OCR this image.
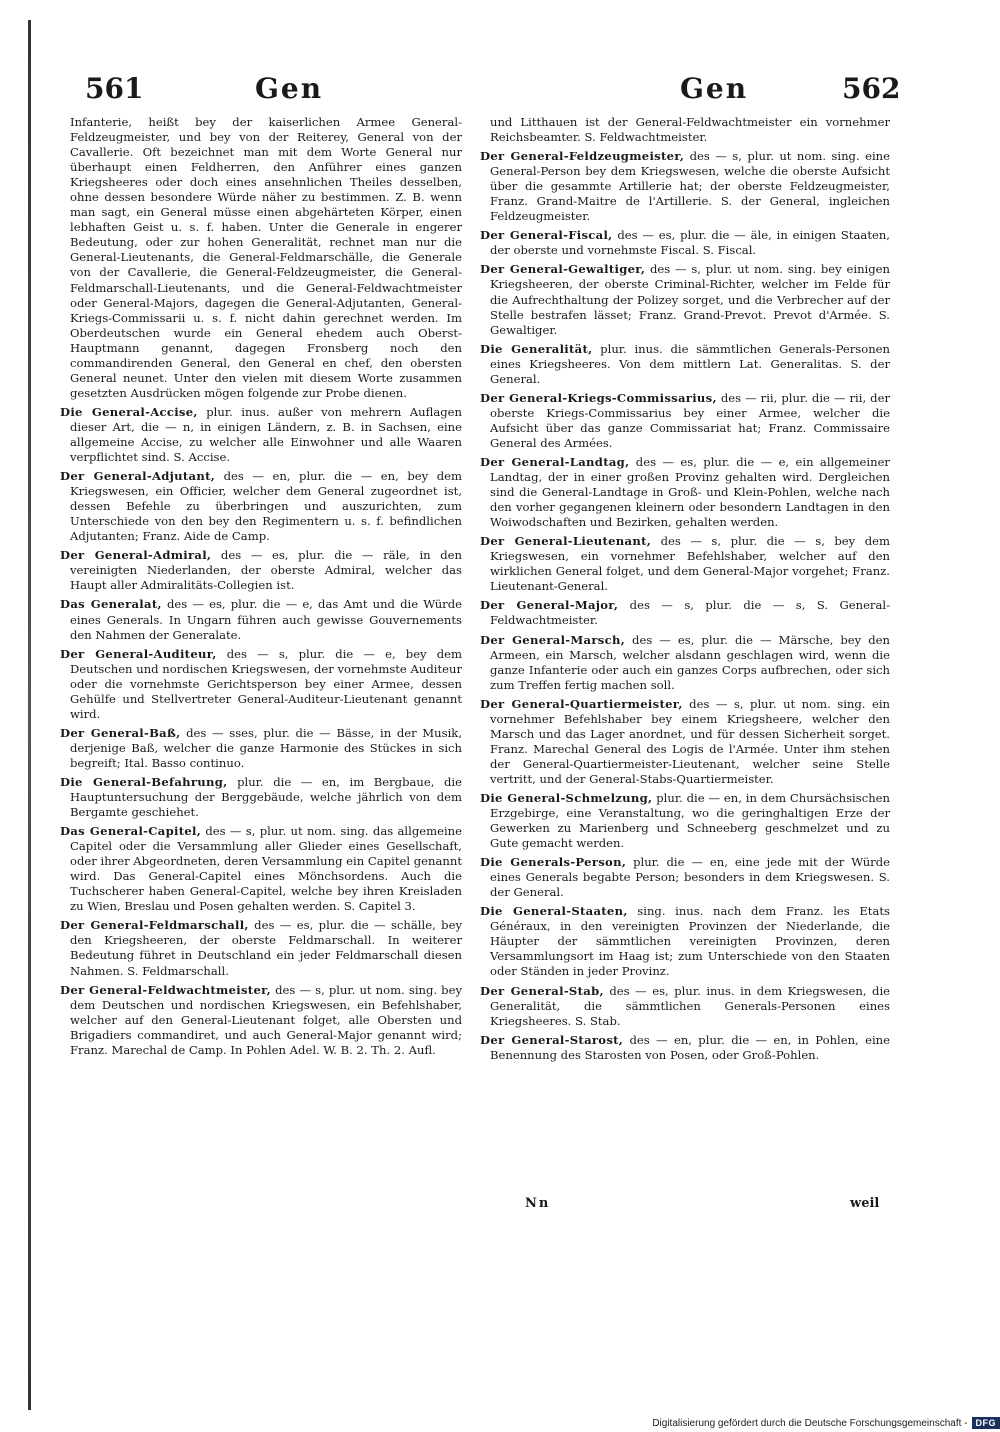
561	Gen	Gen	562

Infanterie, heißt bey der kaiserlichen Armee General-Feldzeugmeister, und bey von der Reiterey, General von der Cavallerie. Oft bezeichnet man mit dem Worte General nur überhaupt einen Feldherren, den Anführer eines ganzen Kriegsheeres oder doch eines ansehnlichen Theiles desselben, ohne dessen besondere Würde näher zu bestimmen. Z. B. wenn man sagt, ein General müsse einen abgehärteten Körper, einen lebhaften Geist u. s. f. haben. Unter die Generale in engerer Bedeutung, oder zur hohen Generalität, rechnet man nur die General-Lieutenants, die General-Feldmarschälle, die Generale von der Cavallerie, die General-Feldzeugmeister, die General-Feldmarschall-Lieutenants, und die General-Feldwachtmeister oder General-Majors, dagegen die General-Adjutanten, General-Kriegs-Commissarii u. s. f. nicht dahin gerechnet werden. Im Oberdeutschen wurde ein General ehedem auch Oberst-Hauptmann genannt, dagegen Fronsberg noch den commandirenden General, den General en chef, den obersten General neunet. Unter den vielen mit diesem Worte zusammen gesetzten Ausdrücken mögen folgende zur Probe dienen.

Die General-Accise, plur. inus. außer von mehrern Auflagen dieser Art, die — n, in einigen Ländern, z. B. in Sachsen, eine allgemeine Accise, zu welcher alle Einwohner und alle Waaren verpflichtet sind. S. Accise.

Der General-Adjutant, des — en, plur. die — en, bey dem Kriegswesen, ein Officier, welcher dem General zugeordnet ist, dessen Befehle zu überbringen und auszurichten, zum Unterschiede von den bey den Regimentern u. s. f. befindlichen Adjutanten; Franz. Aide de Camp.

Der General-Admiral, des — es, plur. die — räle, in den vereinigten Niederlanden, der oberste Admiral, welcher das Haupt aller Admiralitäts-Collegien ist.

Das Generalat, des — es, plur. die — e, das Amt und die Würde eines Generals. In Ungarn führen auch gewisse Gouvernements den Nahmen der Generalate.

Der General-Auditeur, des — s, plur. die — e, bey dem Deutschen und nordischen Kriegswesen, der vornehmste Auditeur oder die vornehmste Gerichtsperson bey einer Armee, dessen Gehülfe und Stellvertreter General-Auditeur-Lieutenant genannt wird.

Der General-Baß, des — sses, plur. die — Bässe, in der Musik, derjenige Baß, welcher die ganze Harmonie des Stückes in sich begreift; Ital. Basso continuo.

Die General-Befahrung, plur. die — en, im Bergbaue, die Hauptuntersuchung der Berggebäude, welche jährlich von dem Bergamte geschiehet.

Das General-Capitel, des — s, plur. ut nom. sing. das allgemeine Capitel oder die Versammlung aller Glieder eines Gesellschaft, oder ihrer Abgeordneten, deren Versammlung ein Capitel genannt wird. Das General-Capitel eines Mönchsordens. Auch die Tuchscherer haben General-Capitel, welche bey ihren Kreisladen zu Wien, Breslau und Posen gehalten werden. S. Capitel 3.

Der General-Feldmarschall, des — es, plur. die — schälle, bey den Kriegsheeren, der oberste Feldmarschall. In weiterer Bedeutung führet in Deutschland ein jeder Feldmarschall diesen Nahmen. S. Feldmarschall.

Der General-Feldwachtmeister, des — s, plur. ut nom. sing. bey dem Deutschen und nordischen Kriegswesen, ein Befehlshaber, welcher auf den General-Lieutenant folget, alle Obersten und Brigadiers commandiret, und auch General-Major genannt wird; Franz. Marechal de Camp. In Pohlen Adel. W. B. 2. Th. 2. Aufl.

und Litthauen ist der General-Feldwachtmeister ein vornehmer Reichsbeamter. S. Feldwachtmeister.

Der General-Feldzeugmeister, des — s, plur. ut nom. sing. eine General-Person bey dem Kriegswesen, welche die oberste Aufsicht über die gesammte Artillerie hat; der oberste Feldzeugmeister, Franz. Grand-Maitre de l'Artillerie. S. der General, ingleichen Feldzeugmeister.

Der General-Fiscal, des — es, plur. die — äle, in einigen Staaten, der oberste und vornehmste Fiscal. S. Fiscal.

Der General-Gewaltiger, des — s, plur. ut nom. sing. bey einigen Kriegsheeren, der oberste Criminal-Richter, welcher im Felde für die Aufrechthaltung der Polizey sorget, und die Verbrecher auf der Stelle bestrafen lässet; Franz. Grand-Prevot. Prevot d'Armée. S. Gewaltiger.

Die Generalität, plur. inus. die sämmtlichen Generals-Personen eines Kriegsheeres. Von dem mittlern Lat. Generalitas. S. der General.

Der General-Kriegs-Commissarius, des — rii, plur. die — rii, der oberste Kriegs-Commissarius bey einer Armee, welcher die Aufsicht über das ganze Commissariat hat; Franz. Commissaire General des Armées.

Der General-Landtag, des — es, plur. die — e, ein allgemeiner Landtag, der in einer großen Provinz gehalten wird. Dergleichen sind die General-Landtage in Groß- und Klein-Pohlen, welche nach den vorher gegangenen kleinern oder besondern Landtagen in den Woiwodschaften und Bezirken, gehalten werden.

Der General-Lieutenant, des — s, plur. die — s, bey dem Kriegswesen, ein vornehmer Befehlshaber, welcher auf den wirklichen General folget, und dem General-Major vorgehet; Franz. Lieutenant-General.

Der General-Major, des — s, plur. die — s, S. General-Feldwachtmeister.

Der General-Marsch, des — es, plur. die — Märsche, bey den Armeen, ein Marsch, welcher alsdann geschlagen wird, wenn die ganze Infanterie oder auch ein ganzes Corps aufbrechen, oder sich zum Treffen fertig machen soll.

Der General-Quartiermeister, des — s, plur. ut nom. sing. ein vornehmer Befehlshaber bey einem Kriegsheere, welcher den Marsch und das Lager anordnet, und für dessen Sicherheit sorget. Franz. Marechal General des Logis de l'Armée. Unter ihm stehen der General-Quartiermeister-Lieutenant, welcher seine Stelle vertritt, und der General-Stabs-Quartiermeister.

Die General-Schmelzung, plur. die — en, in dem Chursächsischen Erzgebirge, eine Veranstaltung, wo die geringhaltigen Erze der Gewerken zu Marienberg und Schneeberg geschmelzet und zu Gute gemacht werden.

Die Generals-Person, plur. die — en, eine jede mit der Würde eines Generals begabte Person; besonders in dem Kriegswesen. S. der General.

Die General-Staaten, sing. inus. nach dem Franz. les Etats Généraux, in den vereinigten Provinzen der Niederlande, die Häupter der sämmtlichen vereinigten Provinzen, deren Versammlungsort im Haag ist; zum Unterschiede von den Staaten oder Ständen in jeder Provinz.

Der General-Stab, des — es, plur. inus. in dem Kriegswesen, die Generalität, die sämmtlichen Generals-Personen eines Kriegsheeres. S. Stab.

Der General-Starost, des — en, plur. die — en, in Pohlen, eine Benennung des Starosten von Posen, oder Groß-Pohlen.

Nn	weil
Digitalisierung gefördert durch die Deutsche Forschungsgemeinschaft - DFG
